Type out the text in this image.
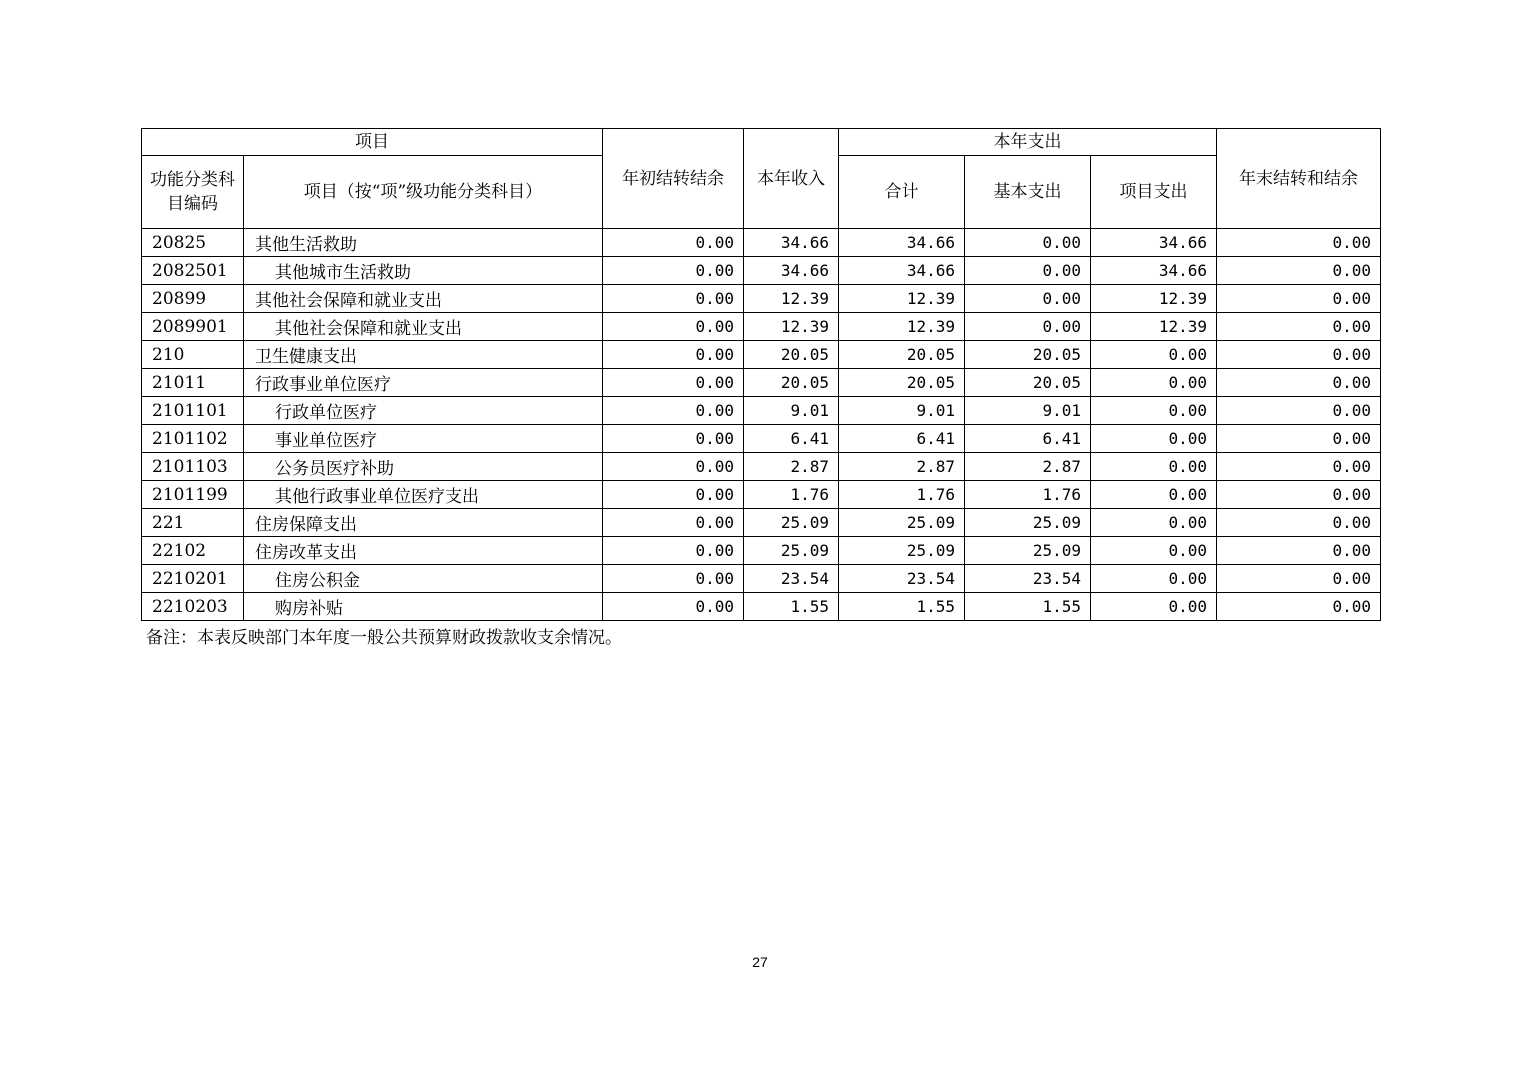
项目		年初结转结余	本年收入	本年支出			年末结转和结余
功能分类科目编码	项目（按“项”级功能分类科目）			合计	基本支出	项目支出	
20825	其他生活救助	0.00	34.66	34.66	0.00	34.66	0.00
2082501	其他城市生活救助	0.00	34.66	34.66	0.00	34.66	0.00
20899	其他社会保障和就业支出	0.00	12.39	12.39	0.00	12.39	0.00
2089901	其他社会保障和就业支出	0.00	12.39	12.39	0.00	12.39	0.00
210	卫生健康支出	0.00	20.05	20.05	20.05	0.00	0.00
21011	行政事业单位医疗	0.00	20.05	20.05	20.05	0.00	0.00
2101101	行政单位医疗	0.00	9.01	9.01	9.01	0.00	0.00
2101102	事业单位医疗	0.00	6.41	6.41	6.41	0.00	0.00
2101103	公务员医疗补助	0.00	2.87	2.87	2.87	0.00	0.00
2101199	其他行政事业单位医疗支出	0.00	1.76	1.76	1.76	0.00	0.00
221	住房保障支出	0.00	25.09	25.09	25.09	0.00	0.00
22102	住房改革支出	0.00	25.09	25.09	25.09	0.00	0.00
2210201	住房公积金	0.00	23.54	23.54	23.54	0.00	0.00
2210203	购房补贴	0.00	1.55	1.55	1.55	0.00	0.00
备注：本表反映部门本年度一般公共预算财政拨款收支余情况。
27
